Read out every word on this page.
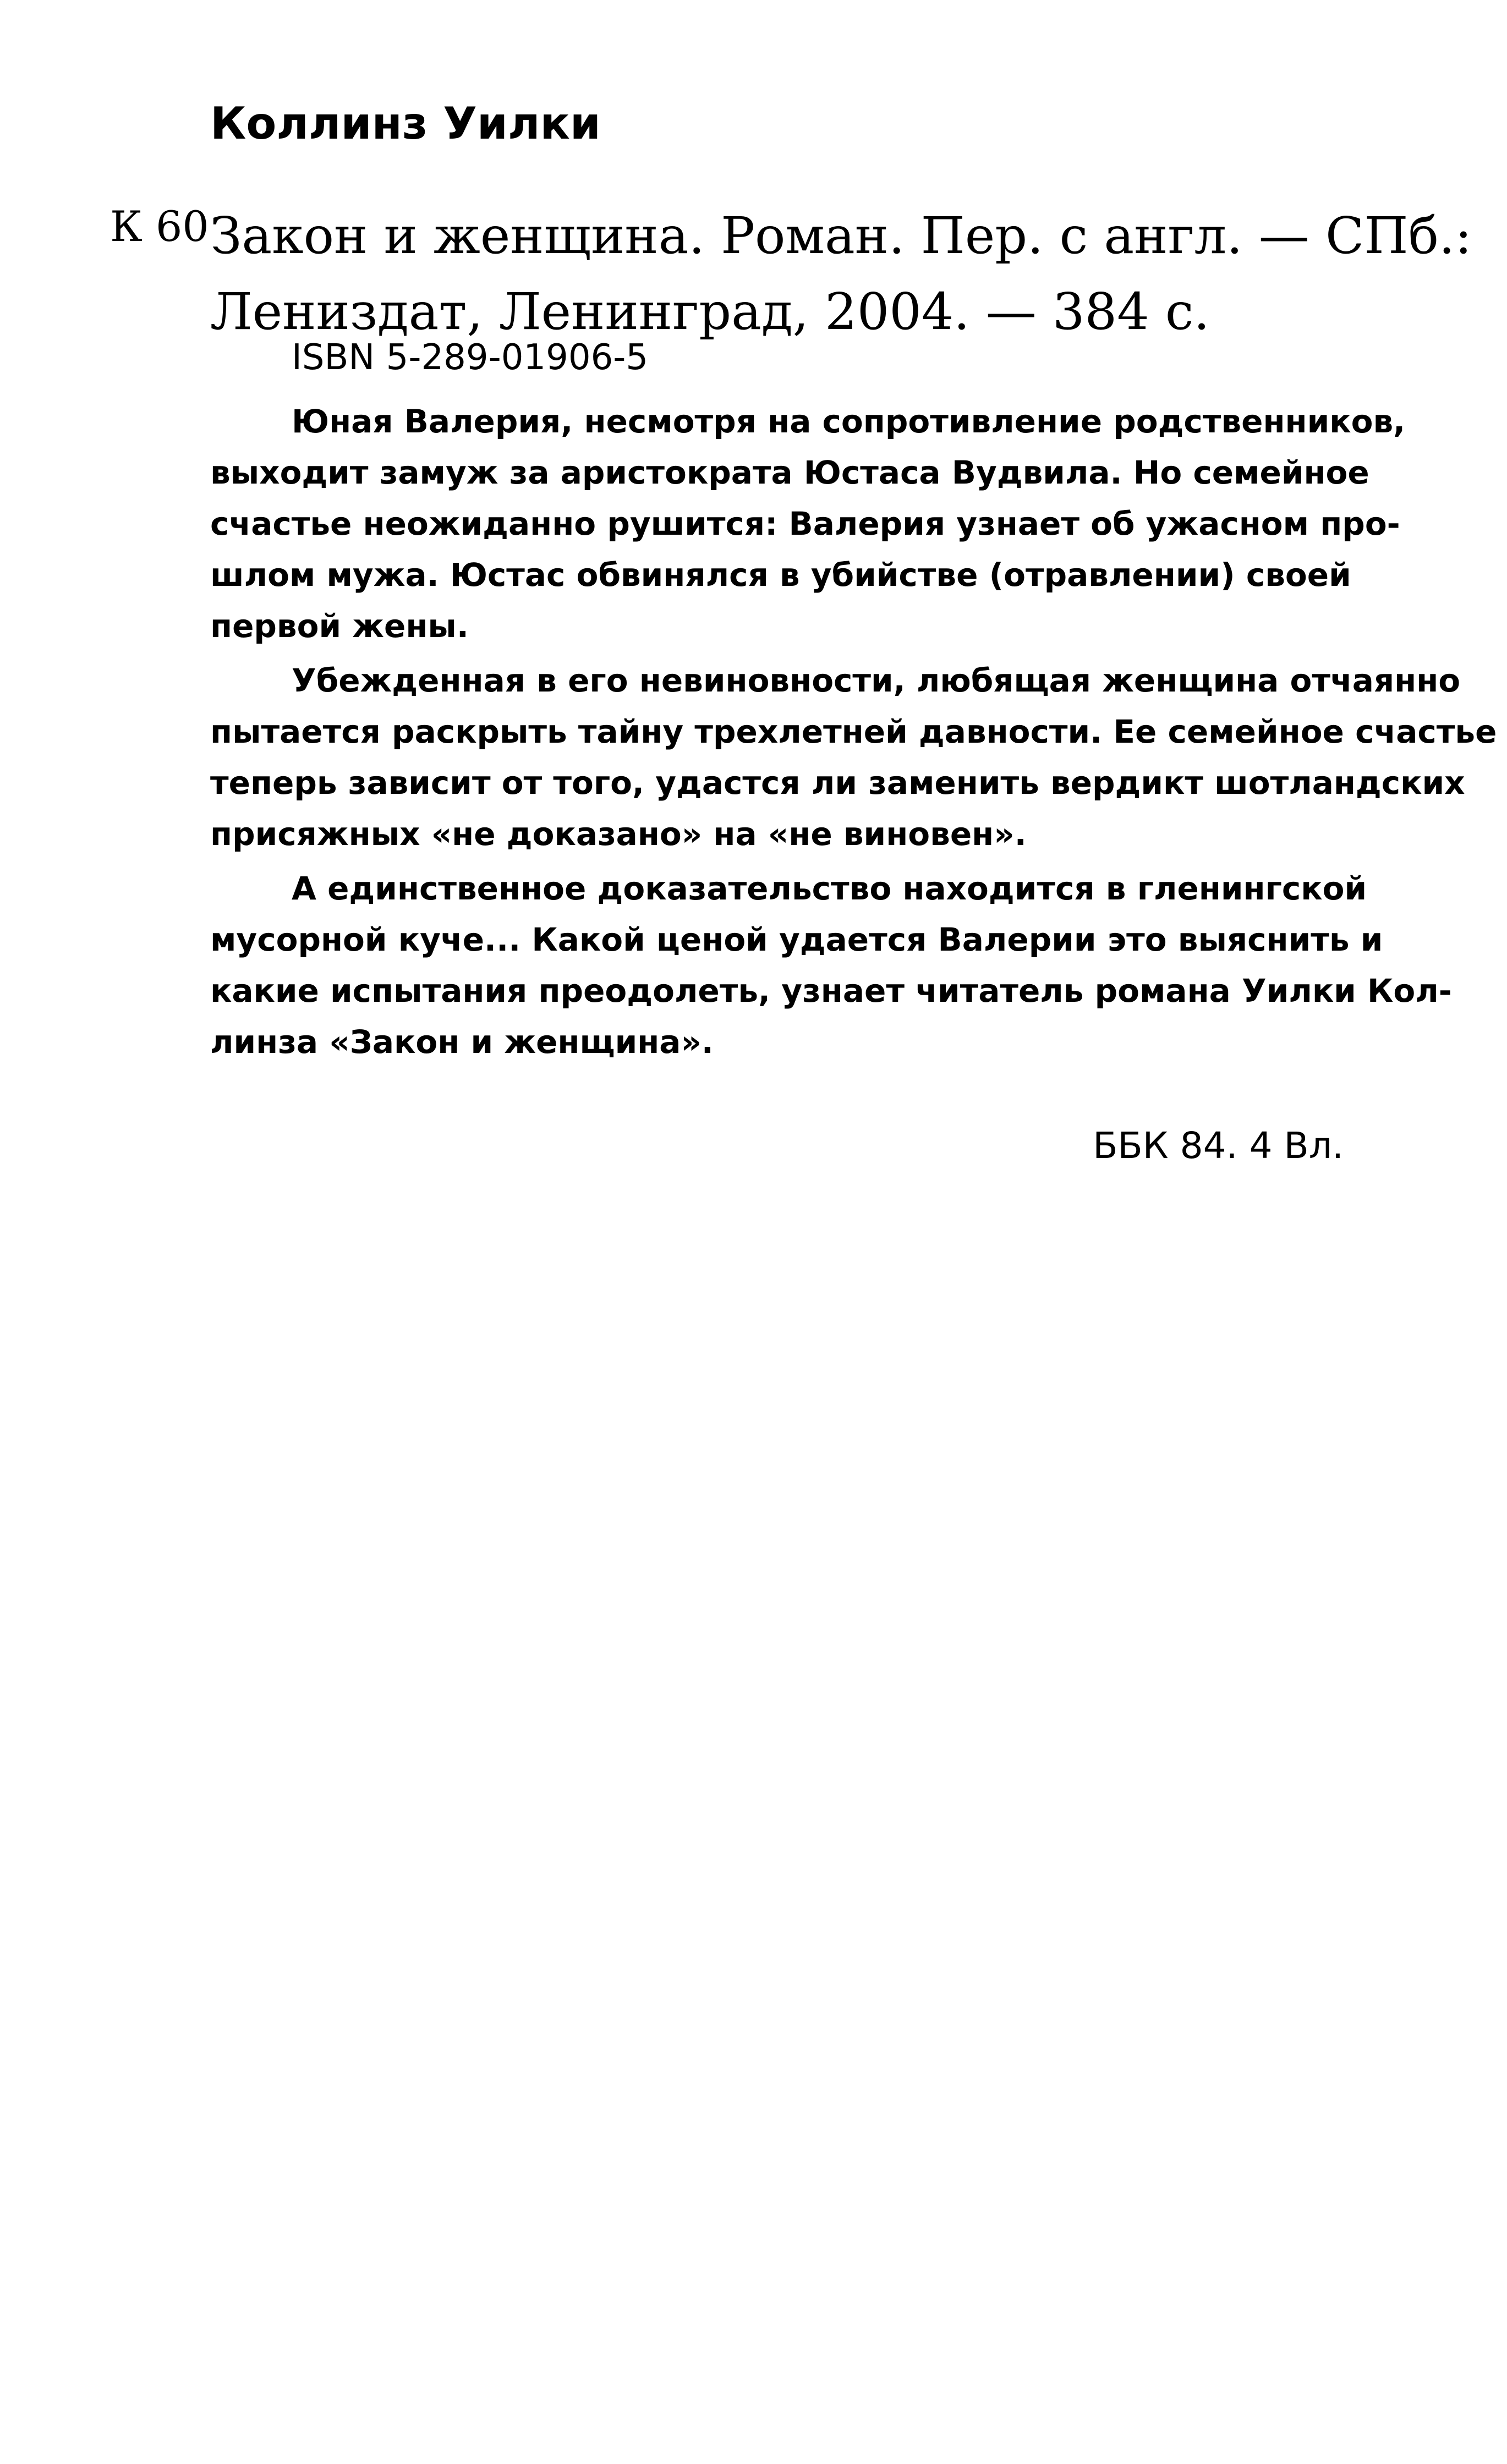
Коллинз Уилки
К 60 Закон и женщина. Роман. Пер. с англ. — СПб.:
Лениздат, Ленинград, 2004. — 384 с.
ISBN 5-289-01906-5
Юная Валерия, несмотря на сопротивление родственников,
выходит замуж за аристократа Юстаса Вудвила. Но семейное
счастье неожиданно рушится: Валерия узнает об ужасном про-
шлом мужа. Юстас обвинялся в убийстве (отравлении) своей
первой жены.
Убежденная в его невиновности, любящая женщина отчаянно
пытается раскрыть тайну трехлетней давности. Ее семейное счастье
теперь зависит от того, удастся ли заменить вердикт шотландских
присяжных «не доказано» на «не виновен».
А единственное доказательство находится в гленингской
мусорной куче... Какой ценой удается Валерии это выяснить и
какие испытания преодолеть, узнает читатель романа Уилки Кол-
линза «Закон и женщина».
ББК 84. 4 Вл.
